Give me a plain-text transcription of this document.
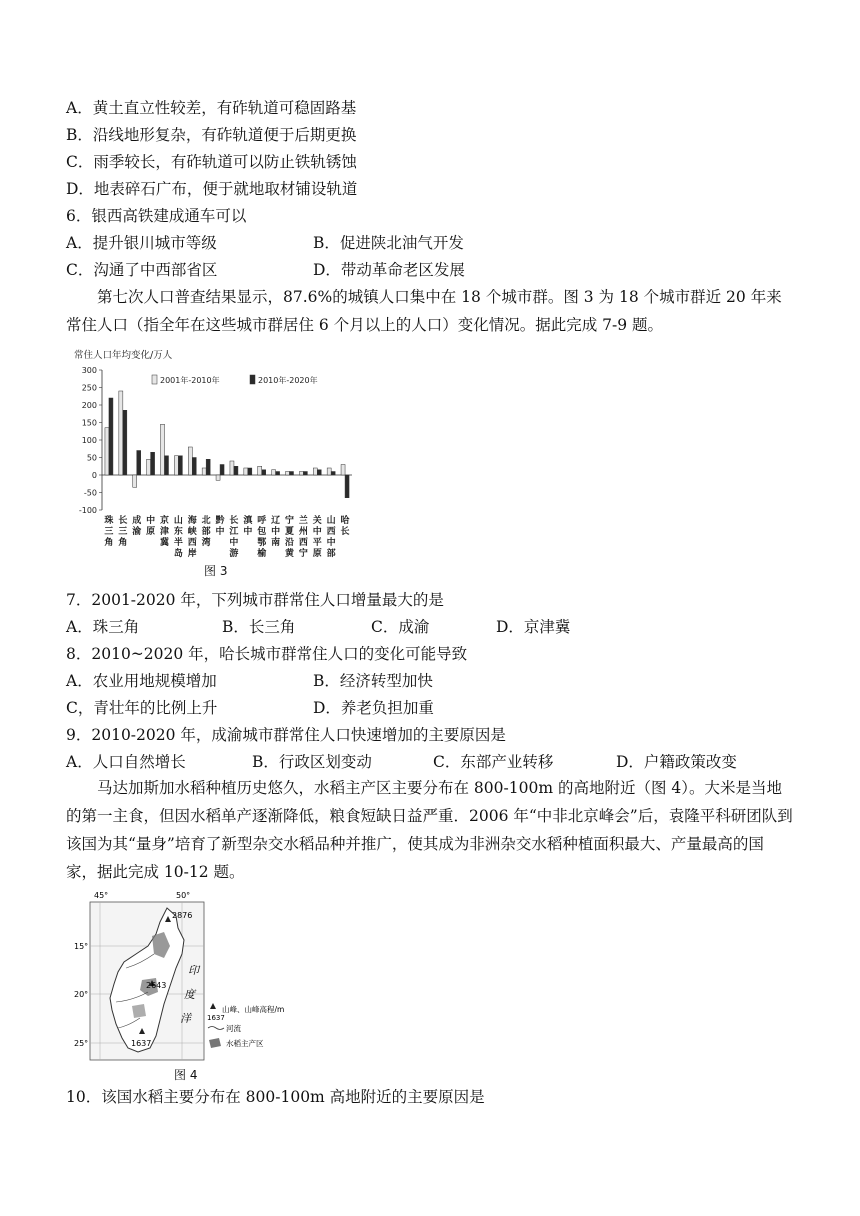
A．黄土直立性较差，有砟轨道可稳固路基
B．沿线地形复杂，有砟轨道便于后期更换
C．雨季较长，有砟轨道可以防止铁轨锈蚀
D．地表碎石广布，便于就地取材铺设轨道
6．银西高铁建成通车可以
A．提升银川城市等级	B．促进陕北油气开发
C．沟通了中西部省区	D．带动革命老区发展
第七次人口普查结果显示，87.6%的城镇人口集中在 18 个城市群。图 3 为 18 个城市群近 20 年来常住人口（指全年在这些城市群居住 6 个月以上的人口）变化情况。据此完成 7-9 题。
常住人口年均变化/万人
300
250
200
150
100
50
0
-50
-100
2001年-2010年	2010年-2020年
珠
三
角
长
三
角
成
渝
中
原
京
津
冀
山
东
半
岛
海
峡
西
岸
北
部
湾
黔
中
长
江
中
游
滇
中
呼
包
鄂
榆
辽
中
南
宁
夏
沿
黄
兰
州
西
宁
关
中
平
原
山
西
中
部
哈
长
图 3
7．2001-2020 年，下列城市群常住人口增量最大的是
A．珠三角	B．长三角	C．成渝	D．京津冀
8．2010~2020 年，哈长城市群常住人口的变化可能导致
A．农业用地规模增加	B．经济转型加快
C，青壮年的比例上升	D．养老负担加重
9．2010-2020 年，成渝城市群常住人口快速增加的主要原因是
A．人口自然增长	B．行政区划变动	C．东部产业转移	D．户籍政策改变
马达加斯加水稻种植历史悠久，水稻主产区主要分布在 800-100m 的高地附近（图 4）。大米是当地的第一主食，但因水稻单产逐渐降低，粮食短缺日益严重．2006 年“中非北京峰会”后，袁隆平科研团队到该国为其“量身”培育了新型杂交水稻品种并推广，使其成为非洲杂交水稻种植面积最大、产量最高的国家，据此完成 10-12 题。
2876
2643
1637
45°	50°
15°
20°
25°
印
度
洋 1637
山峰、山峰高程/m
河流
水稻主产区
图 4
10．该国水稻主要分布在 800-100m 高地附近的主要原因是
